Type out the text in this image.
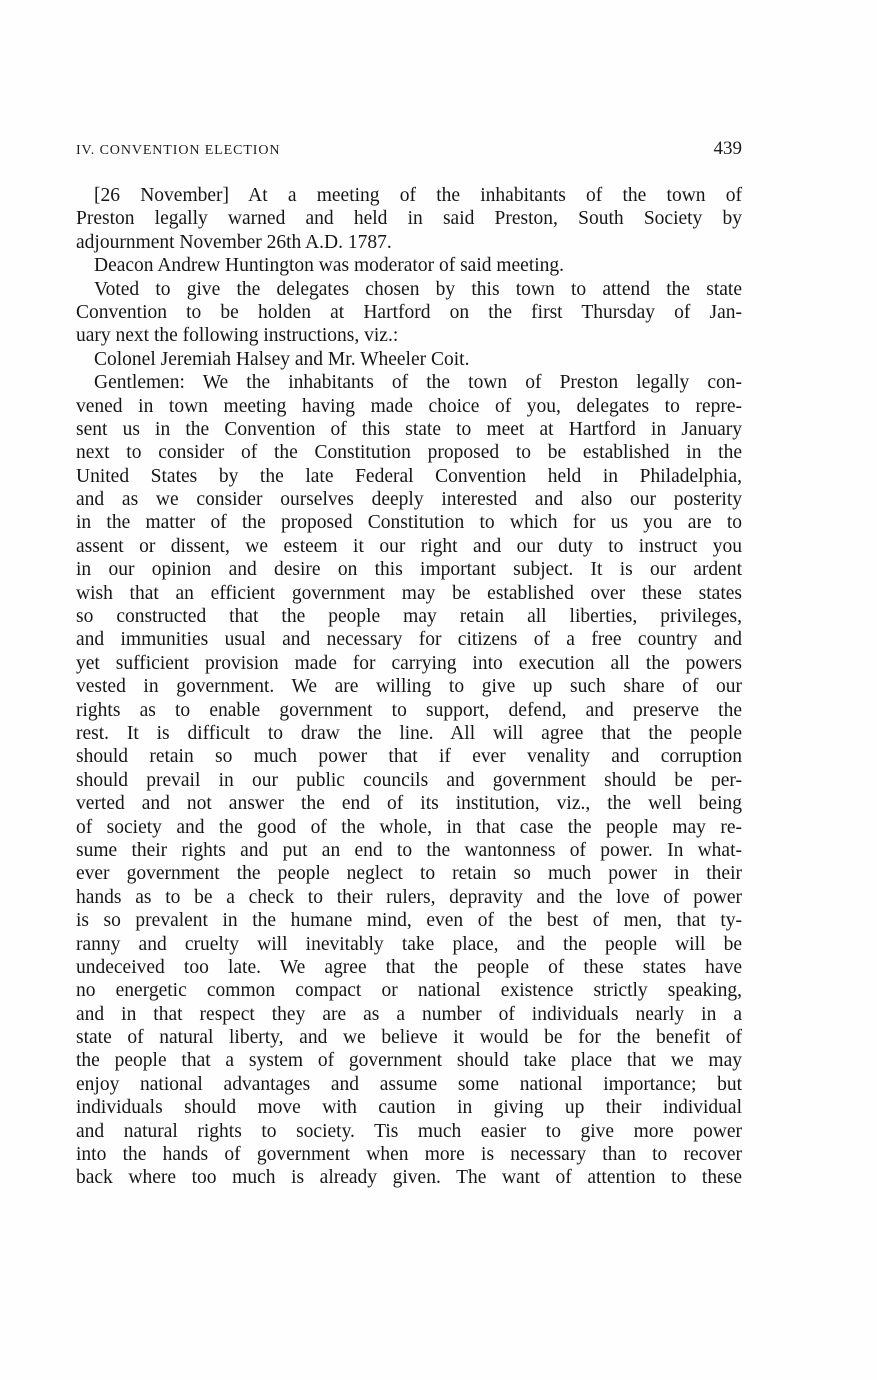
IV. CONVENTION ELECTION	439

[26 November] At a meeting of the inhabitants of the town of
Preston legally warned and held in said Preston, South Society by
adjournment November 26th A.D. 1787.

Deacon Andrew Huntington was moderator of said meeting.

Voted to give the delegates chosen by this town to attend the state
Convention to be holden at Hartford on the first Thursday of Jan-
uary next the following instructions, viz.:

Colonel Jeremiah Halsey and Mr. Wheeler Coit.

Gentlemen: We the inhabitants of the town of Preston legally con-
vened in town meeting having made choice of you, delegates to repre-
sent us in the Convention of this state to meet at Hartford in January
next to consider of the Constitution proposed to be established in the
United States by the late Federal Convention held in Philadelphia,
and as we consider ourselves deeply interested and also our posterity
in the matter of the proposed Constitution to which for us you are to
assent or dissent, we esteem it our right and our duty to instruct you
in our opinion and desire on this important subject. It is our ardent
wish that an efficient government may be established over these states
so constructed that the people may retain all liberties, privileges,
and immunities usual and necessary for citizens of a free country and
yet sufficient provision made for carrying into execution all the powers
vested in government. We are willing to give up such share of our
rights as to enable government to support, defend, and preserve the
rest. It is difficult to draw the line. All will agree that the people
should retain so much power that if ever venality and corruption
should prevail in our public councils and government should be per-
verted and not answer the end of its institution, viz., the well being
of society and the good of the whole, in that case the people may re-
sume their rights and put an end to the wantonness of power. In what-
ever government the people neglect to retain so much power in their
hands as to be a check to their rulers, depravity and the love of power
is so prevalent in the humane mind, even of the best of men, that ty-
ranny and cruelty will inevitably take place, and the people will be
undeceived too late. We agree that the people of these states have
no energetic common compact or national existence strictly speaking,
and in that respect they are as a number of individuals nearly in a
state of natural liberty, and we believe it would be for the benefit of
the people that a system of government should take place that we may
enjoy national advantages and assume some national importance; but
individuals should move with caution in giving up their individual
and natural rights to society. Tis much easier to give more power
into the hands of government when more is necessary than to recover
back where too much is already given. The want of attention to these
